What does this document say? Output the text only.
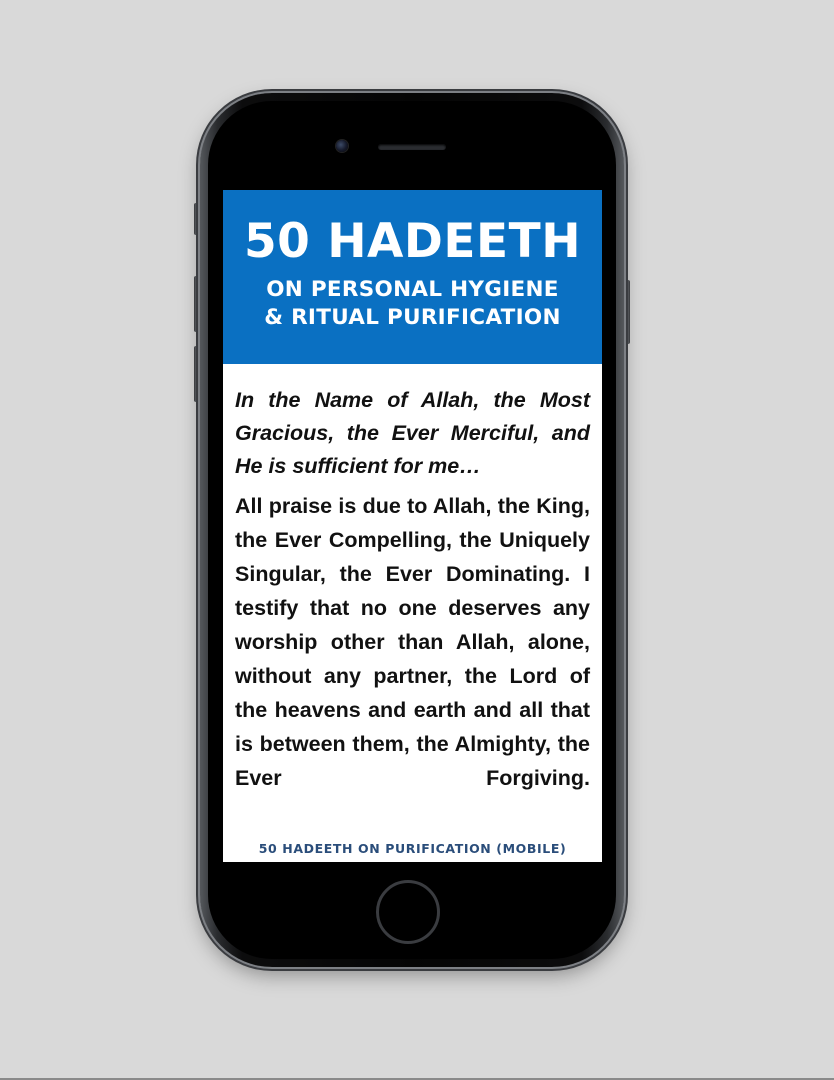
50 HADEETH
ON PERSONAL HYGIENE
& RITUAL PURIFICATION

In the Name of Allah, the Most Gracious, the Ever Merciful, and He is sufficient for me…

All praise is due to Allah, the King, the Ever Compelling, the Uniquely Singular, the Ever Dominating. I testify that no one deserves any worship other than Allah, alone, without any partner, the Lord of the heavens and earth and all that is between them, the Almighty, the Ever Forgiving.

50 HADEETH ON PURIFICATION (MOBILE)
